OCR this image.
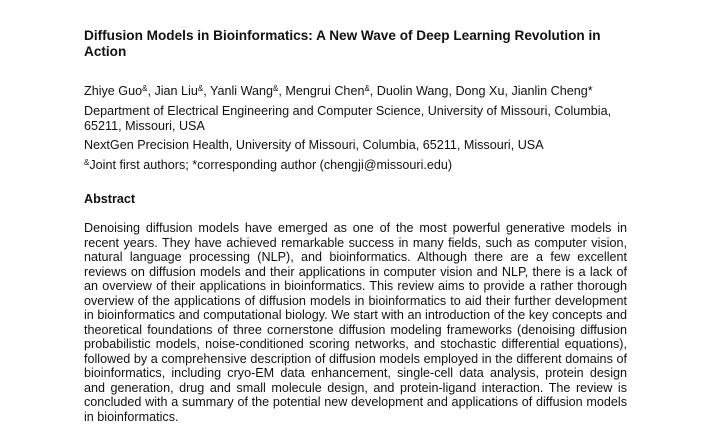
Diffusion Models in Bioinformatics: A New Wave of Deep Learning Revolution in Action
Zhiye Guo&, Jian Liu&, Yanli Wang&, Mengrui Chen&, Duolin Wang, Dong Xu, Jianlin Cheng*
Department of Electrical Engineering and Computer Science, University of Missouri, Columbia, 65211, Missouri, USA
NextGen Precision Health, University of Missouri, Columbia, 65211, Missouri, USA
&Joint first authors; *corresponding author (chengji@missouri.edu)
Abstract

Denoising diffusion models have emerged as one of the most powerful generative models in recent years. They have achieved remarkable success in many fields, such as computer vision, natural language processing (NLP), and bioinformatics. Although there are a few excellent reviews on diffusion models and their applications in computer vision and NLP, there is a lack of an overview of their applications in bioinformatics. This review aims to provide a rather thorough overview of the applications of diffusion models in bioinformatics to aid their further development in bioinformatics and computational biology. We start with an introduction of the key concepts and theoretical foundations of three cornerstone diffusion modeling frameworks (denoising diffusion probabilistic models, noise-conditioned scoring networks, and stochastic differential equations), followed by a comprehensive description of diffusion models employed in the different domains of bioinformatics, including cryo-EM data enhancement, single-cell data analysis, protein design and generation, drug and small molecule design, and protein-ligand interaction. The review is concluded with a summary of the potential new development and applications of diffusion models in bioinformatics.
